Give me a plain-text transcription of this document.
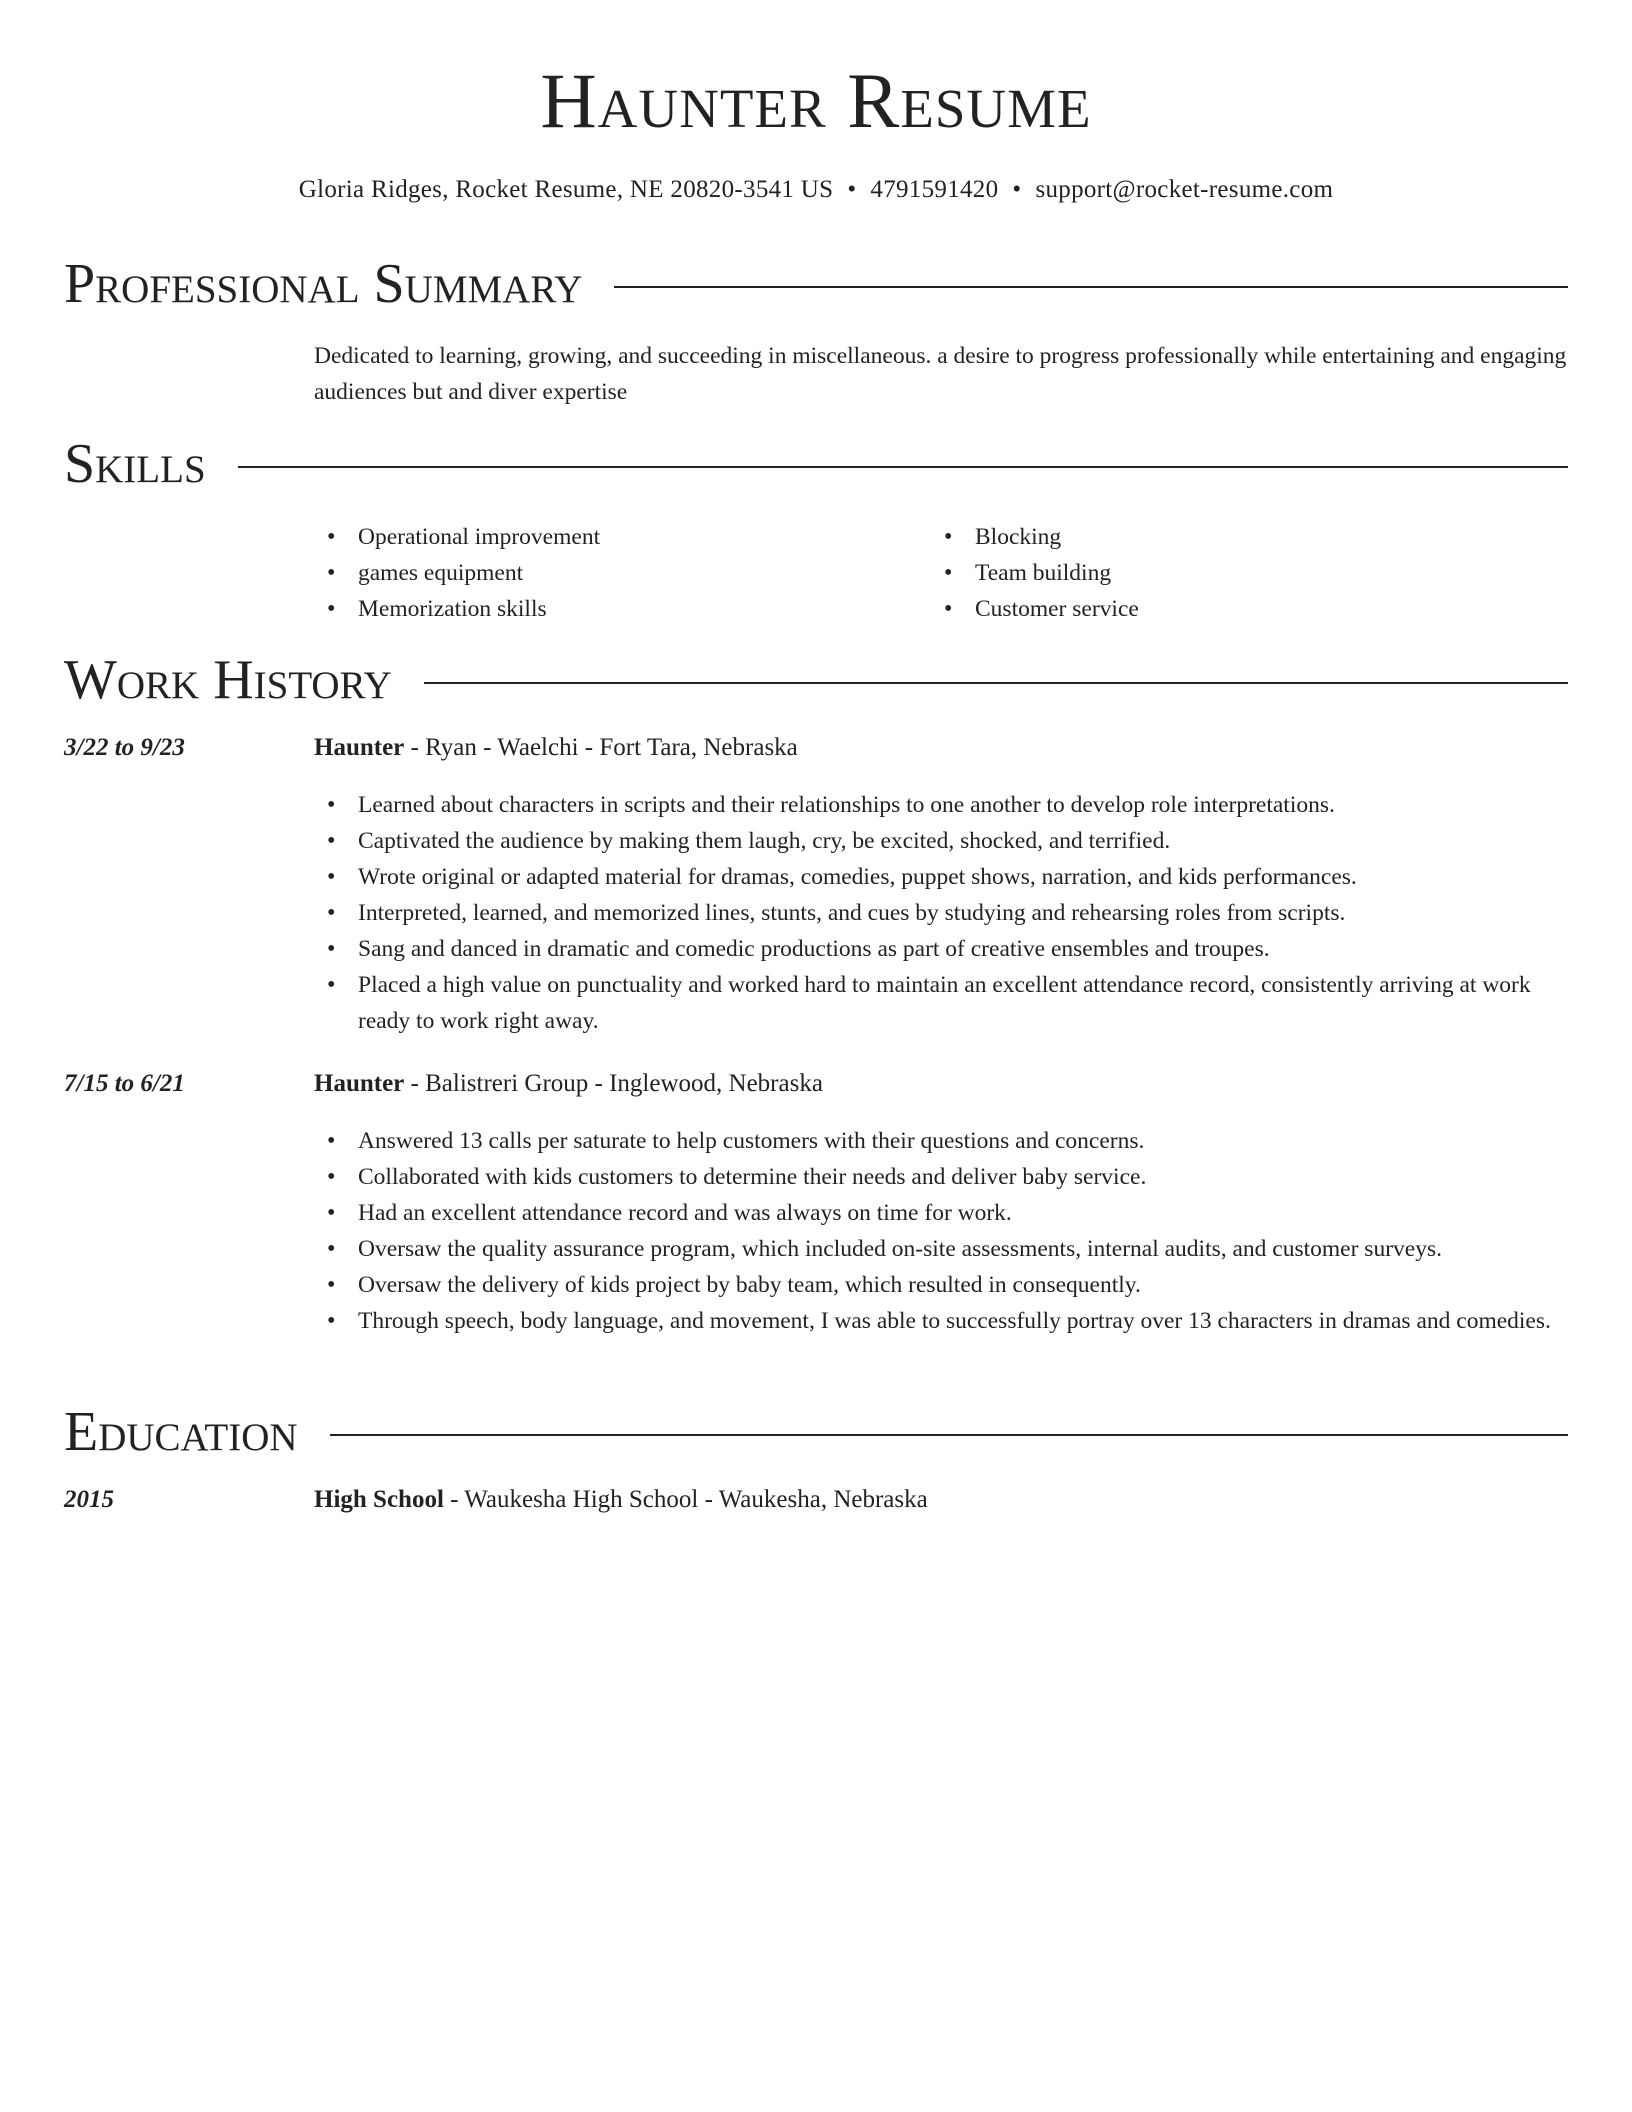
Haunter Resume
Gloria Ridges, Rocket Resume, NE 20820-3541 US • 4791591420 • support@rocket-resume.com
Professional Summary

Dedicated to learning, growing, and succeeding in miscellaneous. a desire to progress professionally while entertaining and engaging audiences but and diver expertise

Skills
• Operational improvement
• games equipment
• Memorization skills
• Blocking
• Team building
• Customer service
Work History
3/22 to 9/23	Haunter - Ryan - Waelchi - Fort Tara, Nebraska
• Learned about characters in scripts and their relationships to one another to develop role interpretations.
• Captivated the audience by making them laugh, cry, be excited, shocked, and terrified.
• Wrote original or adapted material for dramas, comedies, puppet shows, narration, and kids performances.
• Interpreted, learned, and memorized lines, stunts, and cues by studying and rehearsing roles from scripts.
• Sang and danced in dramatic and comedic productions as part of creative ensembles and troupes.
• Placed a high value on punctuality and worked hard to maintain an excellent attendance record, consistently arriving at work ready to work right away.
7/15 to 6/21	Haunter - Balistreri Group - Inglewood, Nebraska
• Answered 13 calls per saturate to help customers with their questions and concerns.
• Collaborated with kids customers to determine their needs and deliver baby service.
• Had an excellent attendance record and was always on time for work.
• Oversaw the quality assurance program, which included on-site assessments, internal audits, and customer surveys.
• Oversaw the delivery of kids project by baby team, which resulted in consequently.
• Through speech, body language, and movement, I was able to successfully portray over 13 characters in dramas and comedies.
Education
2015	High School - Waukesha High School - Waukesha, Nebraska
